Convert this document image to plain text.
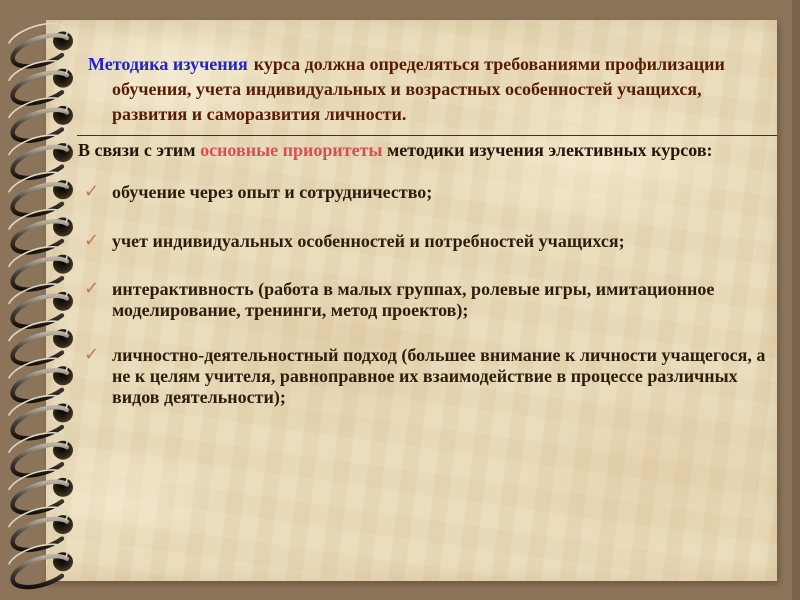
Методика изучения курса должна определяться требованиями профилизации обучения, учета индивидуальных и возрастных особенностей учащихся, развития и саморазвития личности.
В связи с этим основные приоритеты методики изучения элективных курсов:
✓ обучение через опыт и сотрудничество;
✓ учет индивидуальных особенностей и потребностей учащихся;
✓ интерактивность (работа в малых группах, ролевые игры, имитационное моделирование, тренинги, метод проектов);
✓ личностно-деятельностный подход (большее внимание к личности учащегося, а не к целям учителя, равноправное их взаимодействие в процессе различных видов деятельности);
